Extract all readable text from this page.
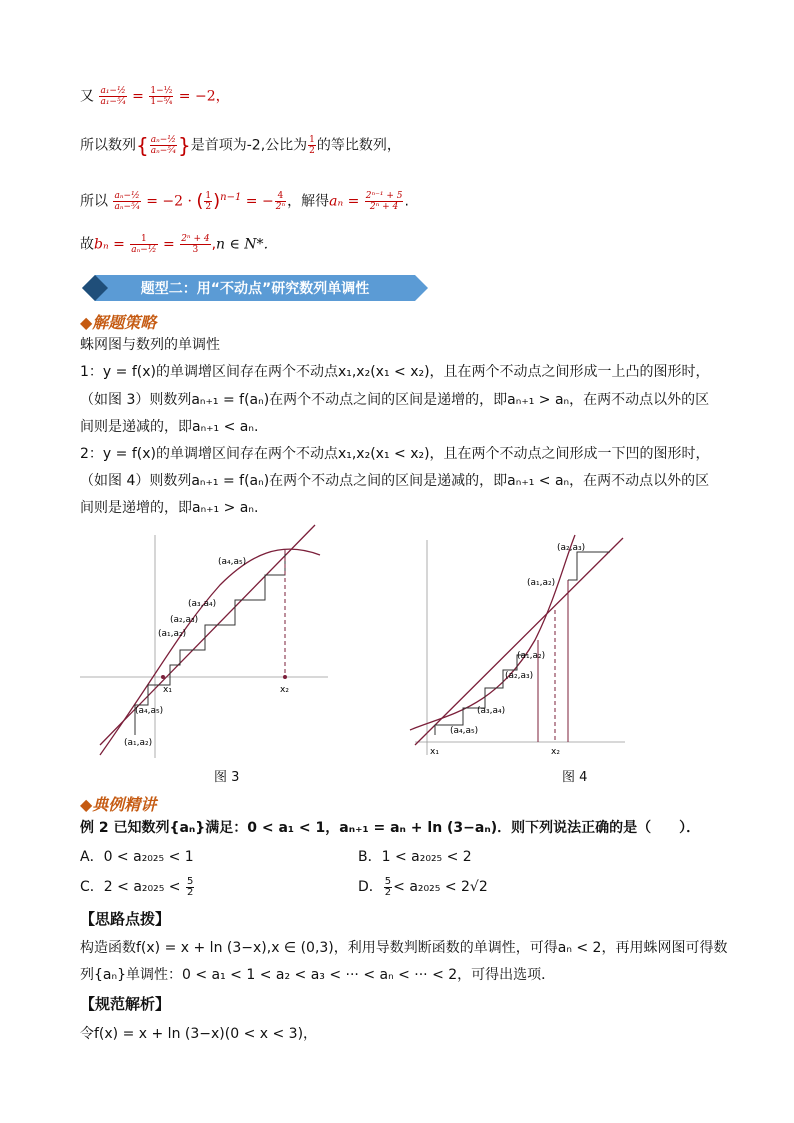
又 $\frac{\text{a₁−½}}{\text{a₁−⁵⁄₄}} = \frac{\text{1−½}}{\text{1−⁵⁄₄}} = -2$，
所以数列{ $\frac{\text{aₙ−½}}{\text{aₙ−⁵⁄₄}}$ }是首项为-2,公比为 $\frac{1}{2}$ 的等比数列，
所以 $\frac{\text{aₙ−½}}{\text{aₙ−⁵⁄₄}} = -2$ · ( $\frac{1}{2} )^{n-1}$ = − $\frac{4}{\text{2ⁿ}}$ ，解得$a_n = \frac{\text{2ⁿ⁻¹ + 5}}{\text{2ⁿ + 4}}$ .
故$b_n = \frac{1}{\text{aₙ−½}} = \frac{\text{2ⁿ + 4}}{3} ,n$ ∈ N*．
题型二：用“不动点”研究数列单调性
◆解题策略
蛛网图与数列的单调性
1：y = f(x)的单调增区间存在两个不动点x₁,x₂(x₁ < x₂)，且在两个不动点之间形成一上凸的图形时，
（如图 3）则数列aₙ₊₁ = f(aₙ)在两个不动点之间的区间是递增的，即aₙ₊₁ > aₙ，在两不动点以外的区
间则是递减的，即aₙ₊₁ < aₙ.
2：y = f(x)的单调增区间存在两个不动点x₁,x₂(x₁ < x₂)，且在两个不动点之间形成一下凹的图形时，
（如图 4）则数列aₙ₊₁ = f(aₙ)在两个不动点之间的区间是递减的，即aₙ₊₁ < aₙ，在两不动点以外的区
间则是递增的，即aₙ₊₁ > aₙ.
(a₄,a₅)
(a₃,a₄)
(a₂,a₃)
(a₁,a₂)
(a₄,a₅)
(a₁,a₂)
x₁	x₂
图 3
(a₂,a₃)
(a₁,a₂)
(a₁,a₂)
(a₂,a₃)
(a₃,a₄)
(a₄,a₅)
x₁	x₂
图 4
◆典例精讲
例 2 已知数列{aₙ}满足：0 < a₁ < 1，aₙ₊₁ = aₙ + ln (3−aₙ)．则下列说法正确的是（　　）．
A．0 < a₂₀₂₅ < 1	B．1 < a₂₀₂₅ < 2
C．$2 < a_{2025} < \frac{5}{2}$	D． $\frac{5}{2} < a_{2025} < 2√2$
【思路点拨】
构造函数f(x) = x + ln (3−x),x ∈ (0,3)，利用导数判断函数的单调性，可得aₙ < 2，再用蛛网图可得数
列{aₙ}单调性：0 < a₁ < 1 < a₂ < a₃ < ··· < aₙ < ··· < 2，可得出选项．
【规范解析】
令f(x) = x + ln (3−x)(0 < x < 3)，
